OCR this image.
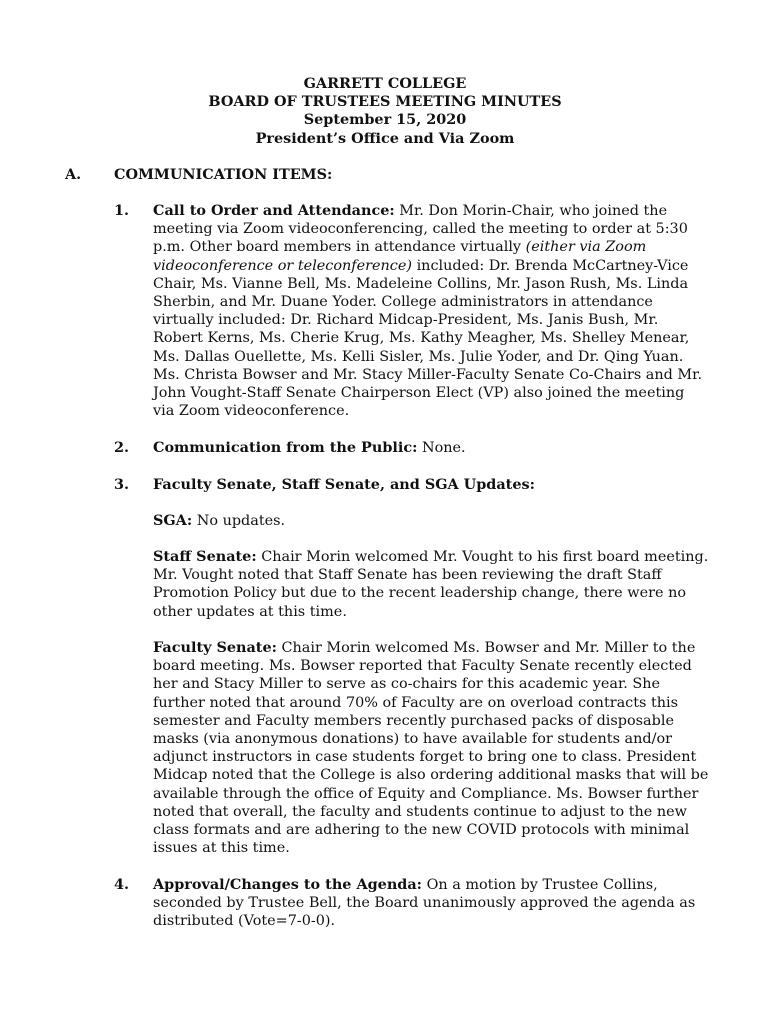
GARRETT COLLEGE
BOARD OF TRUSTEES MEETING MINUTES
September 15, 2020
President’s Office and Via Zoom
A. COMMUNICATION ITEMS:
1. Call to Order and Attendance: Mr. Don Morin-Chair, who joined the meeting via Zoom videoconferencing, called the meeting to order at 5:30 p.m. Other board members in attendance virtually (either via Zoom videoconference or teleconference) included: Dr. Brenda McCartney-Vice Chair, Ms. Vianne Bell, Ms. Madeleine Collins, Mr. Jason Rush, Ms. Linda Sherbin, and Mr. Duane Yoder. College administrators in attendance virtually included: Dr. Richard Midcap-President, Ms. Janis Bush, Mr. Robert Kerns, Ms. Cherie Krug, Ms. Kathy Meagher, Ms. Shelley Menear, Ms. Dallas Ouellette, Ms. Kelli Sisler, Ms. Julie Yoder, and Dr. Qing Yuan. Ms. Christa Bowser and Mr. Stacy Miller-Faculty Senate Co-Chairs and Mr. John Vought-Staff Senate Chairperson Elect (VP) also joined the meeting via Zoom videoconference.

2. Communication from the Public: None.

3. Faculty Senate, Staff Senate, and SGA Updates:

SGA: No updates.

Staff Senate: Chair Morin welcomed Mr. Vought to his first board meeting. Mr. Vought noted that Staff Senate has been reviewing the draft Staff Promotion Policy but due to the recent leadership change, there were no other updates at this time.

Faculty Senate: Chair Morin welcomed Ms. Bowser and Mr. Miller to the board meeting. Ms. Bowser reported that Faculty Senate recently elected her and Stacy Miller to serve as co-chairs for this academic year. She further noted that around 70% of Faculty are on overload contracts this semester and Faculty members recently purchased packs of disposable masks (via anonymous donations) to have available for students and/or adjunct instructors in case students forget to bring one to class. President Midcap noted that the College is also ordering additional masks that will be available through the office of Equity and Compliance. Ms. Bowser further noted that overall, the faculty and students continue to adjust to the new class formats and are adhering to the new COVID protocols with minimal issues at this time.

4. Approval/Changes to the Agenda: On a motion by Trustee Collins, seconded by Trustee Bell, the Board unanimously approved the agenda as distributed (Vote=7-0-0).
